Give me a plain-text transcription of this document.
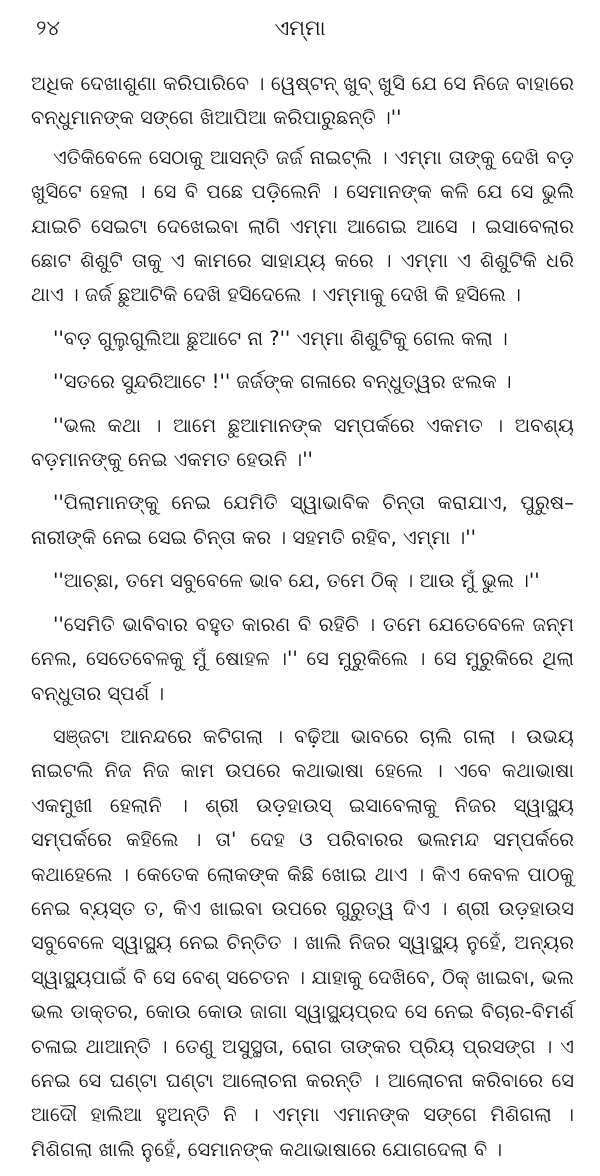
୨୪	ଏମ୍ମା

ଅଧିକ ଦେଖାଶୁଣା କରିପାରିବେ । ୱେଷ୍ଟନ୍ ଖୁବ୍ ଖୁସି ଯେ ସେ ନିଜେ ବାହାରେ ବନ୍ଧୁମାନଙ୍କ ସଙ୍ଗେ ଖିଆପିଆ କରିପାରୁଛନ୍ତି ।''

ଏତିକିବେଳେ ସେଠାକୁ ଆସନ୍ତି ଜର୍ଜ ନାଇଟ୍‌ଲି । ଏମ୍ମା ତାଙ୍କୁ ଦେଖି ବଡ଼ ଖୁସିଟେ ହେଲା । ସେ ବି ପଛେ ପଡ଼ିଲେନି । ସେମାନଙ୍କ କଳି ଯେ ସେ ଭୁଲି ଯାଇଚି ସେଇଟା ଦେଖେଇବା ଲାଗି ଏମ୍ମା ଆଗେଇ ଆସେ । ଇସାବେଲାର ଛୋଟ ଶିଶୁଟି ତାକୁ ଏ କାମରେ ସାହାଯ୍ୟ କରେ । ଏମ୍ମା ଏ ଶିଶୁଟିକି ଧରି ଥାଏ । ଜର୍ଜ ଛୁଆଟିକି ଦେଖି ହସିଦେଲେ । ଏମ୍ମାକୁ ଦେଖି କି ହସିଲେ ।

''ବଡ଼ ଗୁଲୁଗୁଲିଆ ଛୁଆଟେ ନା ?'' ଏମ୍ମା ଶିଶୁଟିକୁ ଗେଲ କଲା ।

''ସତରେ ସୁନ୍ଦରିଆଟେ !'' ଜର୍ଜଙ୍କ ଗଳାରେ ବନ୍ଧୁତ୍ୱର ଝଲକ ।

''ଭଲ କଥା । ଆମେ ଛୁଆମାନଙ୍କ ସମ୍ପର୍କରେ ଏକମତ । ଅବଶ୍ୟ ବଡ଼ମାନଙ୍କୁ ନେଇ ଏକମତ ହେଉନି ।''

''ପିଲାମାନଙ୍କୁ ନେଇ ଯେମିତି ସ୍ୱାଭାବିକ ଚିନ୍ତା କରାଯାଏ, ପୁରୁଷ–ନାରୀଙ୍କି ନେଇ ସେଇ ଚିନ୍ତା କର । ସହମତି ରହିବ, ଏମ୍ମା ।''

''ଆଚ୍ଛା, ତମେ ସବୁବେଳେ ଭାବ ଯେ, ତମେ ଠିକ୍ । ଆଉ ମୁଁ ଭୁଲ ।''

''ସେମିତି ଭାବିବାର ବହୁତ କାରଣ ବି ରହିଚି । ତମେ ଯେତେବେଳେ ଜନ୍ମ ନେଲ, ସେତେବେଳକୁ ମୁଁ ଷୋହଳ ।'' ସେ ମୁରୁକିଲେ । ସେ ମୁରୁକିରେ ଥିଲା ବନ୍ଧୁତାର ସ୍ପର୍ଶ ।

ସଞ୍ଜଟା ଆନନ୍ଦରେ କଟିଗଲା । ବଢ଼ିଆ ଭାବରେ ଚାଲି ଗଲା । ଉଭୟ ନାଇଟଲି ନିଜ ନିଜ କାମ ଉପରେ କଥାଭାଷା ହେଲେ । ଏବେ କଥାଭାଷା ଏକମୁଖୀ ହେଲାନି । ଶ୍ରୀ ଉଡ଼ହାଉସ୍ ଇସାବେଲାକୁ ନିଜର ସ୍ୱାସ୍ଥ୍ୟ ସମ୍ପର୍କରେ କହିଲେ । ତା' ଦେହ ଓ ପରିବାରର ଭଲମନ୍ଦ ସମ୍ପର୍କରେ କଥାହେଲେ । କେତେକ ଲୋକଙ୍କ କିଛି ଖୋଇ ଥାଏ । କିଏ କେବଳ ପାଠକୁ ନେଇ ବ୍ୟସ୍ତ ତ, କିଏ ଖାଇବା ଉପରେ ଗୁରୁତ୍ୱ ଦିଏ । ଶ୍ରୀ ଉଡ଼ହାଉସ ସବୁବେଳେ ସ୍ୱାସ୍ଥ୍ୟ ନେଇ ଚିନ୍ତିତ । ଖାଲି ନିଜର ସ୍ୱାସ୍ଥ୍ୟ ନୁହେଁ, ଅନ୍ୟର ସ୍ୱାସ୍ଥ୍ୟପାଇଁ ବି ସେ ବେଶ୍ ସଚେତନ । ଯାହାକୁ ଦେଖିବେ, ଠିକ୍ ଖାଇବା, ଭଲ ଭଲ ଡାକ୍ତର, କୋଉ କୋଉ ଜାଗା ସ୍ୱାସ୍ଥ୍ୟପ୍ରଦ ସେ ନେଇ ବିଚାର-ବିମର୍ଶ ଚଳାଇ ଥାଆନ୍ତି । ତେଣୁ ଅସୁସ୍ଥତା, ରୋଗ ତାଙ୍କର ପ୍ରିୟ ପ୍ରସଙ୍ଗ । ଏ ନେଇ ସେ ଘଣ୍ଟା ଘଣ୍ଟା ଆଲୋଚନା କରନ୍ତି । ଆଲୋଚନା କରିବାରେ ସେ ଆଦୌ ହାଲିଆ ହୁଅନ୍ତି ନି । ଏମ୍ମା ଏମାନଙ୍କ ସଙ୍ଗେ ମିଶିଗଲା । ମିଶିଗଲା ଖାଲି ନୁହେଁ, ସେମାନଙ୍କ କଥାଭାଷାରେ ଯୋଗଦେଲା ବି ।
